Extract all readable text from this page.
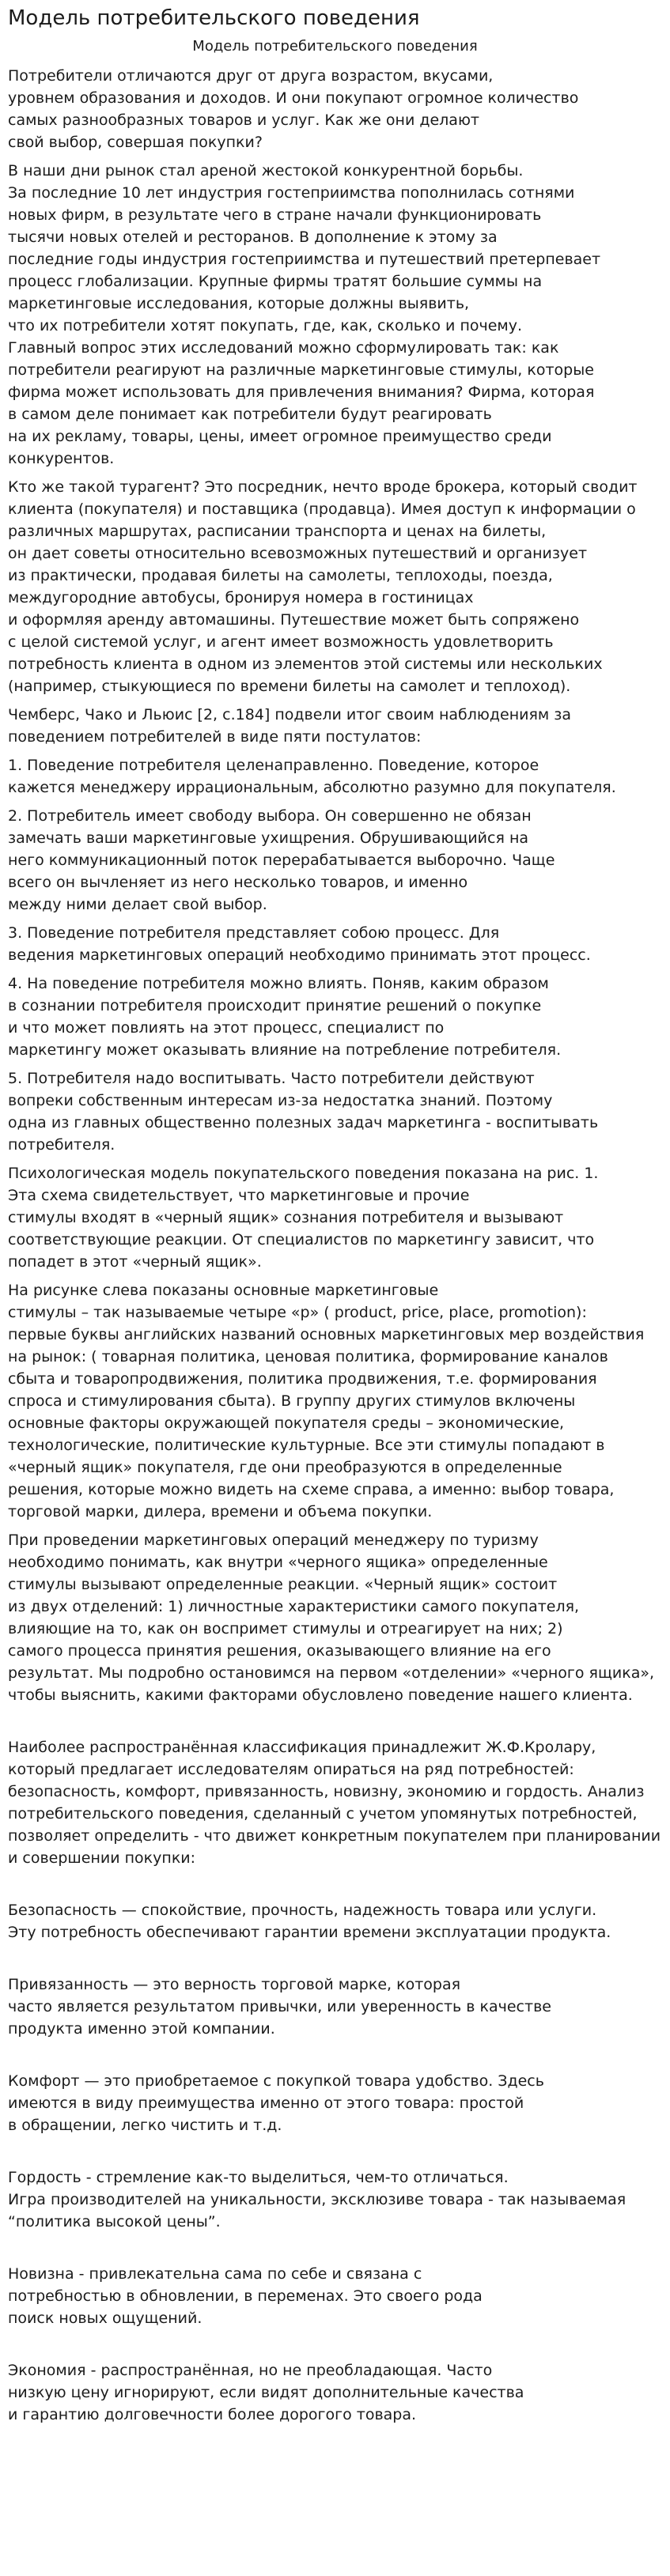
Модель потребительского поведения
Модель потребительского поведения

Потребители отличаются друг от друга возрастом, вкусами,
уровнем образования и доходов. И они покупают огромное количество
самых разнообразных товаров и услуг. Как же они делают
свой выбор, совершая покупки?

В наши дни рынок стал ареной жестокой конкурентной борьбы.
За последние 10 лет индустрия гостеприимства пополнилась сотнями
новых фирм, в результате чего в стране начали функционировать
тысячи новых отелей и ресторанов. В дополнение к этому за
последние годы индустрия гостеприимства и путешествий претерпевает
процесс глобализации. Крупные фирмы тратят большие суммы на
маркетинговые исследования, которые должны выявить,
что их потребители хотят покупать, где, как, сколько и почему.
Главный вопрос этих исследований можно сформулировать так: как
потребители реагируют на различные маркетинговые стимулы, которые
фирма может использовать для привлечения внимания? Фирма, которая
в самом деле понимает как потребители будут реагировать
на их рекламу, товары, цены, имеет огромное преимущество среди
конкурентов.

Кто же такой турагент? Это посредник, нечто вроде брокера, который сводит
клиента (покупателя) и поставщика (продавца). Имея доступ к информации о
различных маршрутах, расписании транспорта и ценах на билеты,
он дает советы относительно всевозможных путешествий и организует
из практически, продавая билеты на самолеты, теплоходы, поезда,
междугородние автобусы, бронируя номера в гостиницах
и оформляя аренду автомашины. Путешествие может быть сопряжено
с целой системой услуг, и агент имеет возможность удовлетворить
потребность клиента в одном из элементов этой системы или нескольких
(например, стыкующиеся по времени билеты на самолет и теплоход).

Чемберс, Чако и Льюис [2, с.184] подвели итог своим наблюдениям за
поведением потребителей в виде пяти постулатов:

1. Поведение потребителя целенаправленно. Поведение, которое
кажется менеджеру иррациональным, абсолютно разумно для покупателя.

2. Потребитель имеет свободу выбора. Он совершенно не обязан
замечать ваши маркетинговые ухищрения. Обрушивающийся на
него коммуникационный поток перерабатывается выборочно. Чаще
всего он вычленяет из него несколько товаров, и именно
между ними делает свой выбор.

3. Поведение потребителя представляет собою процесс. Для
ведения маркетинговых операций необходимо принимать этот процесс.

4. На поведение потребителя можно влиять. Поняв, каким образом
в сознании потребителя происходит принятие решений о покупке
и что может повлиять на этот процесс, специалист по
маркетингу может оказывать влияние на потребление потребителя.

5. Потребителя надо воспитывать. Часто потребители действуют
вопреки собственным интересам из-за недостатка знаний. Поэтому
одна из главных общественно полезных задач маркетинга - воспитывать
потребителя.

Психологическая модель покупательского поведения показана на рис. 1.
Эта схема свидетельствует, что маркетинговые и прочие
стимулы входят в «черный ящик» сознания потребителя и вызывают
соответствующие реакции. От специалистов по маркетингу зависит, что
попадет в этот «черный ящик».

На рисунке слева показаны основные маркетинговые
стимулы – так называемые четыре «р» ( product, price, place, promotion):
первые буквы английских названий основных маркетинговых мер воздействия
на рынок: ( товарная политика, ценовая политика, формирование каналов
сбыта и товаропродвижения, политика продвижения, т.е. формирования
спроса и стимулирования сбыта). В группу других стимулов включены
основные факторы окружающей покупателя среды – экономические,
технологические, политические культурные. Все эти стимулы попадают в
«черный ящик» покупателя, где они преобразуются в определенные
решения, которые можно видеть на схеме справа, а именно: выбор товара,
торговой марки, дилера, времени и объема покупки.

При проведении маркетинговых операций менеджеру по туризму
необходимо понимать, как внутри «черного ящика» определенные
стимулы вызывают определенные реакции. «Черный ящик» состоит
из двух отделений: 1) личностные характеристики самого покупателя,
влияющие на то, как он воспримет стимулы и отреагирует на них; 2)
самого процесса принятия решения, оказывающего влияние на его
результат. Мы подробно остановимся на первом «отделении» «черного ящика»,
чтобы выяснить, какими факторами обусловлено поведение нашего клиента.

Наиболее распространённая классификация принадлежит Ж.Ф.Кролару,
который предлагает исследователям опираться на ряд потребностей:
безопасность, комфорт, привязанность, новизну, экономию и гордость. Анализ
потребительского поведения, сделанный с учетом упомянутых потребностей,
позволяет определить - что движет конкретным покупателем при планировании
и совершении покупки:

Безопасность — спокойствие, прочность, надежность товара или услуги.
Эту потребность обеспечивают гарантии времени эксплуатации продукта.

Привязанность — это верность торговой марке, которая
часто является результатом привычки, или уверенность в качестве
продукта именно этой компании.

Комфорт — это приобретаемое с покупкой товара удобство. Здесь
имеются в виду преимущества именно от этого товара: простой
в обращении, легко чистить и т.д.

Гордость - стремление как-то выделиться, чем-то отличаться.
Игра производителей на уникальности, эксклюзиве товара - так называемая
“политика высокой цены”.

Новизна - привлекательна сама по себе и связана с
потребностью в обновлении, в переменах. Это своего рода
поиск новых ощущений.

Экономия - распространённая, но не преобладающая. Часто
низкую цену игнорируют, если видят дополнительные качества
и гарантию долговечности более дорогого товара.
